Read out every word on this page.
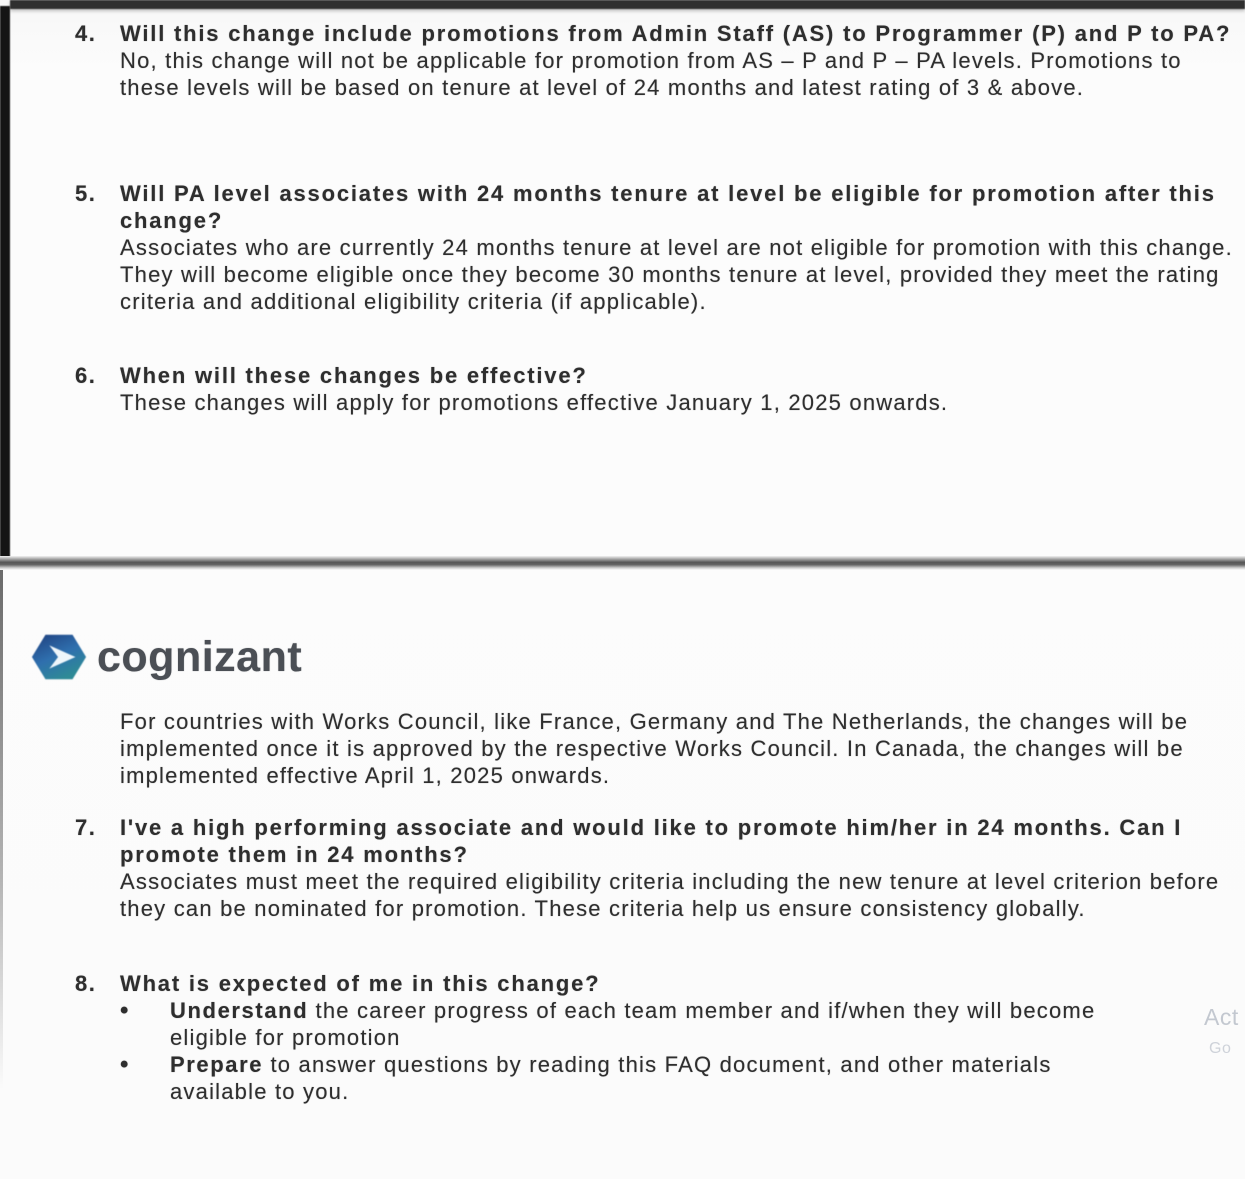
4.	Will this change include promotions from Admin Staff (AS) to Programmer (P) and P to PA?
No, this change will not be applicable for promotion from AS – P and P – PA levels. Promotions to these levels will be based on tenure at level of 24 months and latest rating of 3 & above.
5.	Will PA level associates with 24 months tenure at level be eligible for promotion after this change?
Associates who are currently 24 months tenure at level are not eligible for promotion with this change. They will become eligible once they become 30 months tenure at level, provided they meet the rating criteria and additional eligibility criteria (if applicable).
6.	When will these changes be effective?
These changes will apply for promotions effective January 1, 2025 onwards.
cognizant
For countries with Works Council, like France, Germany and The Netherlands, the changes will be implemented once it is approved by the respective Works Council. In Canada, the changes will be implemented effective April 1, 2025 onwards.
7.	I've a high performing associate and would like to promote him/her in 24 months. Can I promote them in 24 months?
Associates must meet the required eligibility criteria including the new tenure at level criterion before they can be nominated for promotion. These criteria help us ensure consistency globally.
8.	What is expected of me in this change?
•
Understand the career progress of each team member and if/when they will become eligible for promotion
•
Prepare to answer questions by reading this FAQ document, and other materials available to you.
Act
Go
